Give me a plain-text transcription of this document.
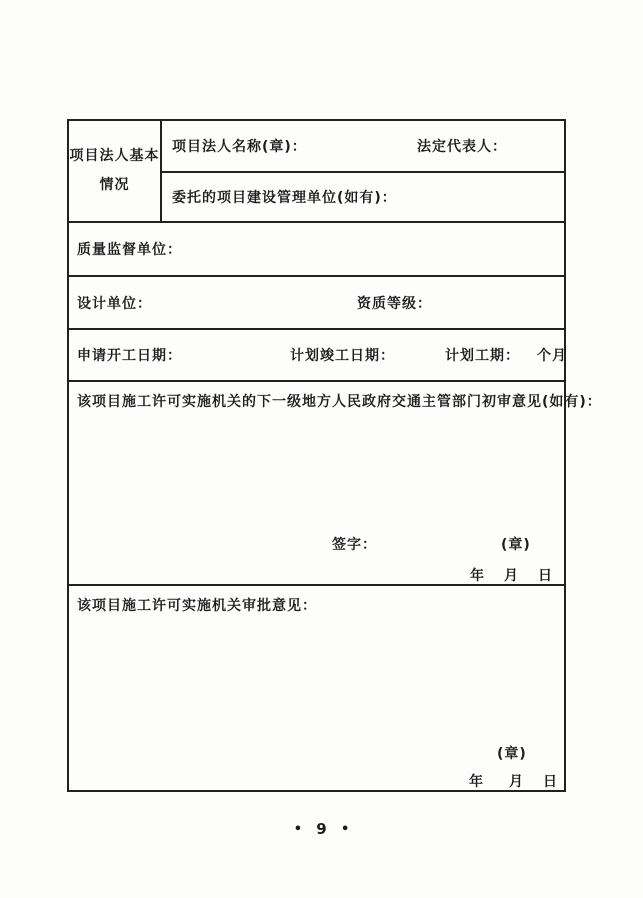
项目法人基本
情况
项目法人名称(章)：	法定代表人：
委托的项目建设管理单位(如有)：
质量监督单位：
设计单位：	资质等级：
申请开工日期：	计划竣工日期：	计划工期： 个月
该项目施工许可实施机关的下一级地方人民政府交通主管部门初审意见(如有)：
签字：	(章)
年 月 日
该项目施工许可实施机关审批意见：
(章)
年 月 日
• 9 •
